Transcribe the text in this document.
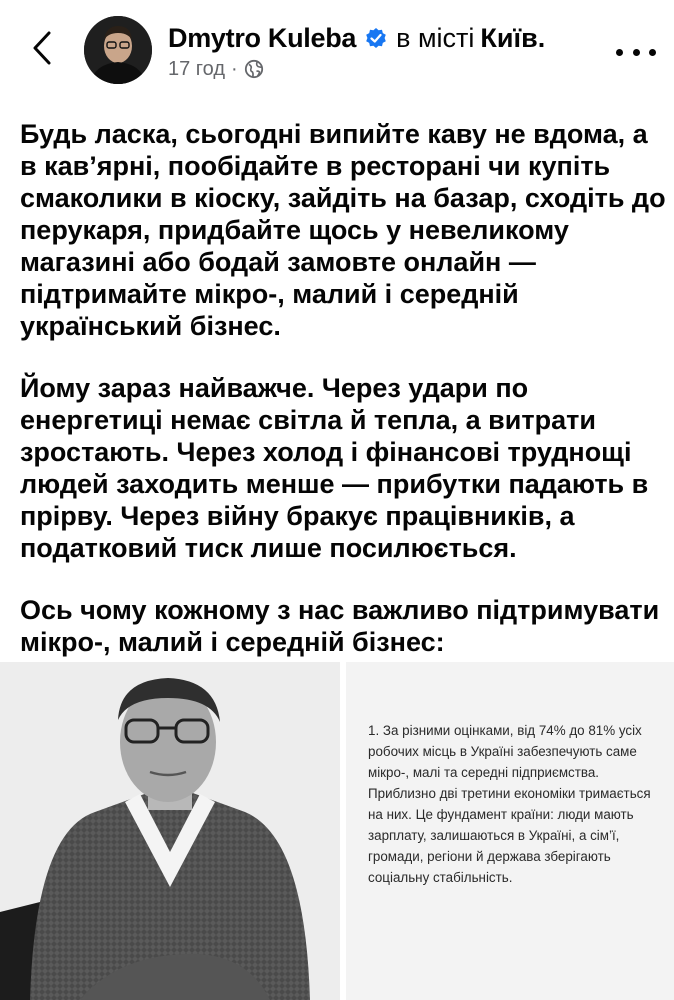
Dmytro Kuleba в місті Київ.
17 год ·

Будь ласка, сьогодні випийте каву не вдома, а в кав’ярні, пообідайте в ресторані чи купіть смаколики в кіоску, зайдіть на базар, сходіть до перукаря, придбайте щось у невеликому магазині або бодай замовте онлайн — підтримайте мікро-, малий і середній український бізнес.

Йому зараз найважче. Через удари по енергетиці немає світла й тепла, а витрати зростають. Через холод і фінансові труднощі людей заходить менше — прибутки падають в прірву. Через війну бракує працівників, а податковий тиск лише посилюється.

Ось чому кожному з нас важливо підтримувати мікро-, малий і середній бізнес:

1. За різними оцінками, від 74% до 81% усіх робочих місць в Україні забезпечують саме мікро-, малі та середні підприємства. Приблизно дві третини економіки тримається на них. Це фундамент країни: люди мають зарплату, залишаються в Україні, а сім’ї, громади, регіони й держава зберігають соціальну стабільність.
